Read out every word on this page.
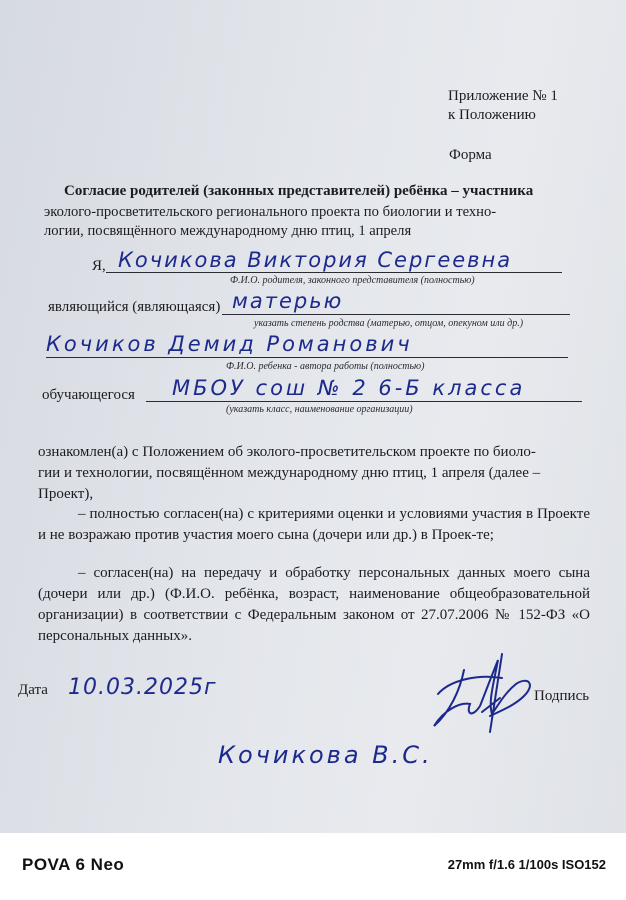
Приложение № 1
к Положению
Форма
Согласие родителей (законных представителей) ребёнка – участника
эколого-просветительского регионального проекта по биологии и техно-
логии, посвящённого международному дню птиц, 1 апреля
Я, Кочикова Виктория Сергеевна
Ф.И.О. родителя, законного представителя (полностью)
являющийся (являющаяся) матерью
указать степень родства (матерью, отцом, опекуном или др.)
Кочиков Демид Романович
Ф.И.О. ребенка - автора работы (полностью)
обучающегося МБОУ сош № 2 6-Б класса
(указать класс, наименование организации)
ознакомлен(а) с Положением об эколого-просветительском проекте по биоло-
гии и технологии, посвящённом международному дню птиц, 1 апреля (далее –
Проект),
– полностью согласен(на) с критериями оценки и условиями участия в Проекте и не возражаю против участия моего сына (дочери или др.) в Проек-те;
– согласен(на) на передачу и обработку персональных данных моего сына (дочери или др.) (Ф.И.О. ребёнка, возраст, наименование общеобразовательной организации) в соответствии с Федеральным законом от 27.07.2006 № 152-ФЗ «О персональных данных».
Дата 10.03.2025г	Подпись
Кочикова В.С.
POVA 6 Neo	27mm f/1.6 1/100s ISO152
